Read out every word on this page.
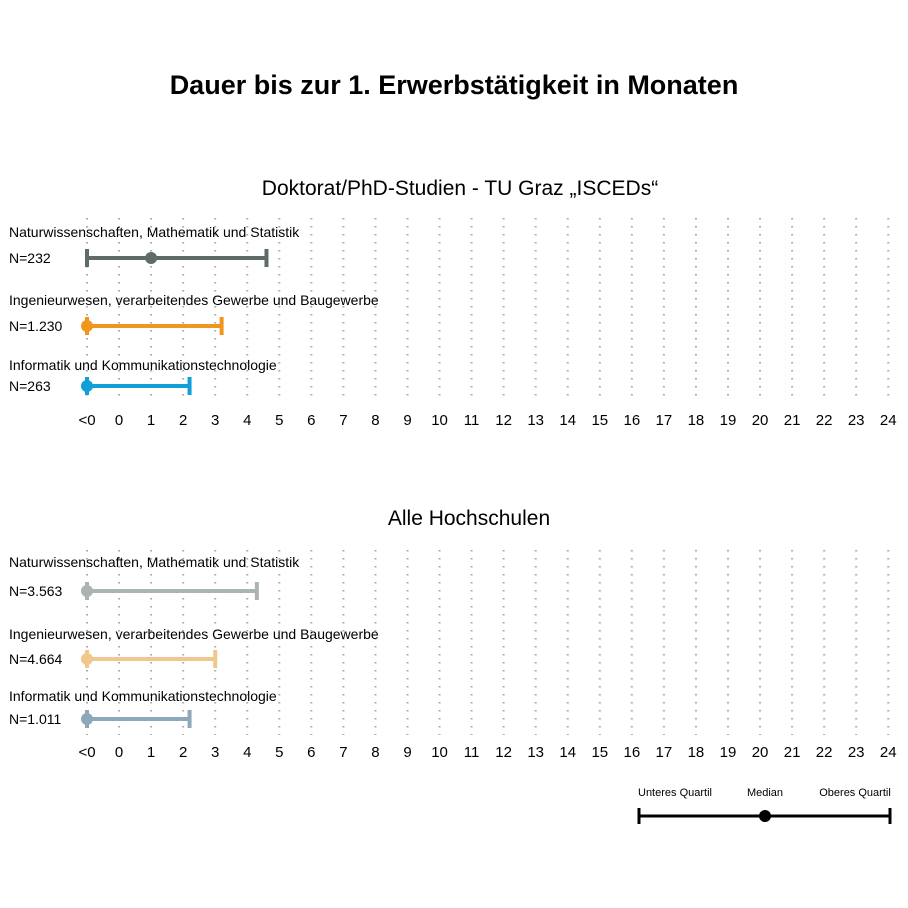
Dauer bis zur 1. Erwerbstätigkeit in Monaten
Doktorat/PhD-Studien - TU Graz „ISCEDs“
Naturwissenschaften, Mathematik und Statistik
N=232
Ingenieurwesen, verarbeitendes Gewerbe und Baugewerbe
N=1.230
Informatik und Kommunikationstechnologie
N=263
<0 0 1 2 3 4 5 6 7 8 9 10 11 12 13 14 15 16 17 18 19 20 21 22 23 24
Alle Hochschulen
Naturwissenschaften, Mathematik und Statistik
N=3.563
Ingenieurwesen, verarbeitendes Gewerbe und Baugewerbe
N=4.664
Informatik und Kommunikationstechnologie
N=1.011
<0 0 1 2 3 4 5 6 7 8 9 10 11 12 13 14 15 16 17 18 19 20 21 22 23 24
Unteres Quartil	Median	Oberes Quartil
